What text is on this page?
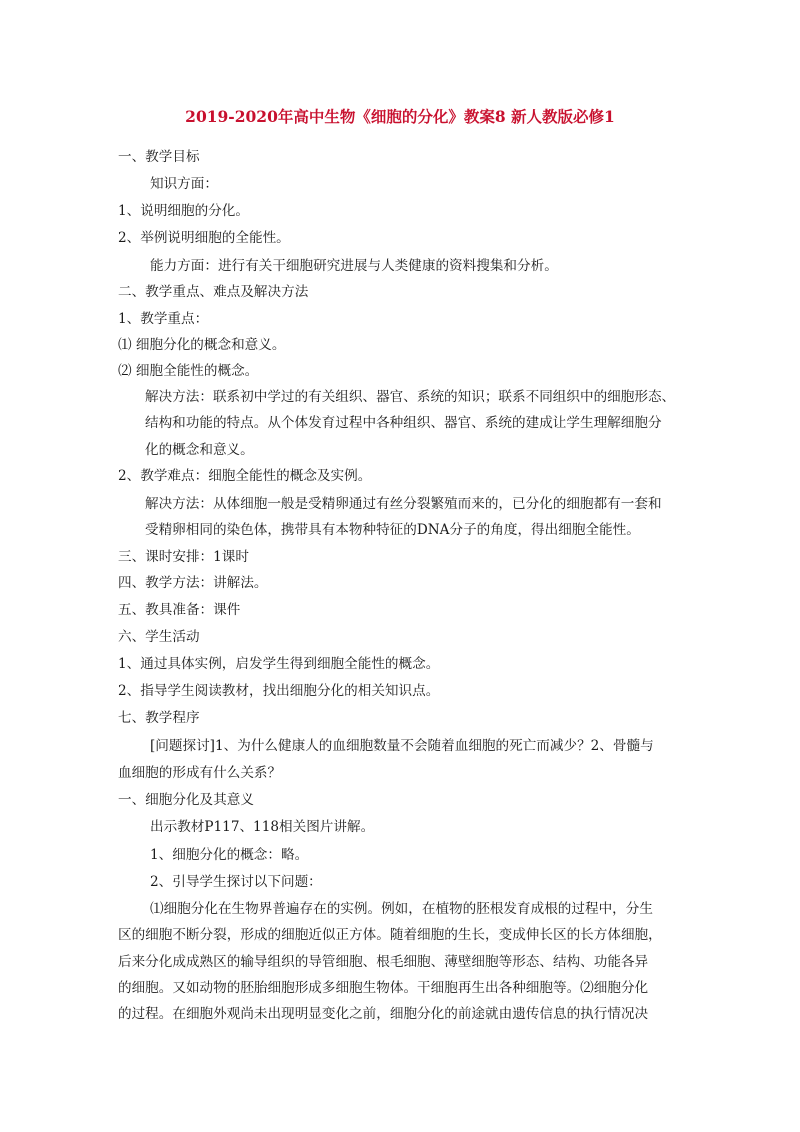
2019-2020年高中生物《细胞的分化》教案8 新人教版必修1
一、教学目标
知识方面：
1、说明细胞的分化。
2、举例说明细胞的全能性。
能力方面：进行有关干细胞研究进展与人类健康的资料搜集和分析。
二、教学重点、难点及解决方法
1、教学重点：
⑴ 细胞分化的概念和意义。
⑵ 细胞全能性的概念。
解决方法：联系初中学过的有关组织、器官、系统的知识；联系不同组织中的细胞形态、
结构和功能的特点。从个体发育过程中各种组织、器官、系统的建成让学生理解细胞分
化的概念和意义。
2、教学难点：细胞全能性的概念及实例。
解决方法：从体细胞一般是受精卵通过有丝分裂繁殖而来的，已分化的细胞都有一套和
受精卵相同的染色体，携带具有本物种特征的DNA分子的角度，得出细胞全能性。
三、课时安排：1课时
四、教学方法：讲解法。
五、教具准备：课件
六、学生活动
1、通过具体实例，启发学生得到细胞全能性的概念。
2、指导学生阅读教材，找出细胞分化的相关知识点。
七、教学程序
[问题探讨]1、为什么健康人的血细胞数量不会随着血细胞的死亡而减少？2、骨髓与
血细胞的形成有什么关系？
一、细胞分化及其意义
出示教材P117、118相关图片讲解。
1、细胞分化的概念：略。
2、引导学生探讨以下问题：
⑴细胞分化在生物界普遍存在的实例。例如，在植物的胚根发育成根的过程中，分生
区的细胞不断分裂，形成的细胞近似正方体。随着细胞的生长，变成伸长区的长方体细胞，
后来分化成成熟区的输导组织的导管细胞、根毛细胞、薄壁细胞等形态、结构、功能各异
的细胞。又如动物的胚胎细胞形成多细胞生物体。干细胞再生出各种细胞等。⑵细胞分化
的过程。在细胞外观尚未出现明显变化之前，细胞分化的前途就由遗传信息的执行情况决
